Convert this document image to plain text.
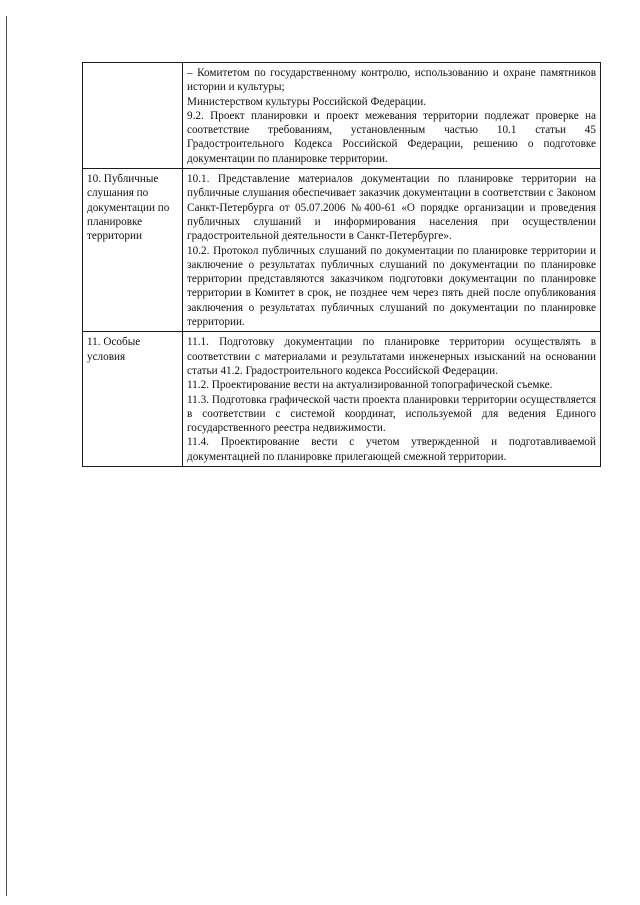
	– Комитетом по государственному контролю, использованию и охране памятников истории и культуры;

Министерством культуры Российской Федерации.

9.2. Проект планировки и проект межевания территории подлежат проверке на соответствие требованиям, установленным частью 10.1 статьи 45 Градостроительного Кодекса Российской Федерации, решению о подготовке документации по планировке территории.

10. Публичные слушания по документации по планировке территории	10.1. Представление материалов документации по планировке территории на публичные слушания обеспечивает заказчик документации в соответствии с Законом Санкт-Петербурга от 05.07.2006 №400-61 «О порядке организации и проведения публичных слушаний и информирования населения при осуществлении градостроительной деятельности в Санкт-Петербурге».

10.2. Протокол публичных слушаний по документации по планировке территории и заключение о результатах публичных слушаний по документации по планировке территории представляются заказчиком подготовки документации по планировке территории в Комитет в срок, не позднее чем через пять дней после опубликования заключения о результатах публичных слушаний по документации по планировке территории.

11. Особые условия	11.1. Подготовку документации по планировке территории осуществлять в соответствии с материалами и результатами инженерных изысканий на основании статьи 41.2. Градостроительного кодекса Российской Федерации.

11.2. Проектирование вести на актуализированной топографической съемке.

11.3. Подготовка графической части проекта планировки территории осуществляется в соответствии с системой координат, используемой для ведения Единого государственного реестра недвижимости.

11.4. Проектирование вести с учетом утвержденной и подготавливаемой документацией по планировке прилегающей смежной территории.
